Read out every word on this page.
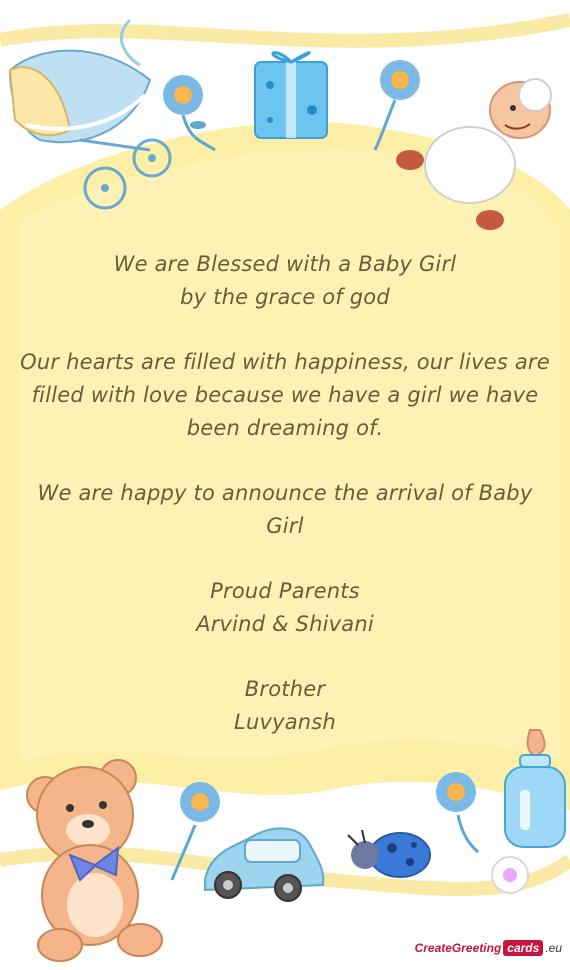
We are Blessed with a Baby Girl

by the grace of god

Our hearts are filled with happiness, our lives are filled with love because we have a girl we have been dreaming of.

We are happy to announce the arrival of Baby Girl

Proud Parents

Arvind & Shivani

Brother

Luvyansh

CreateGreeting cards .eu
